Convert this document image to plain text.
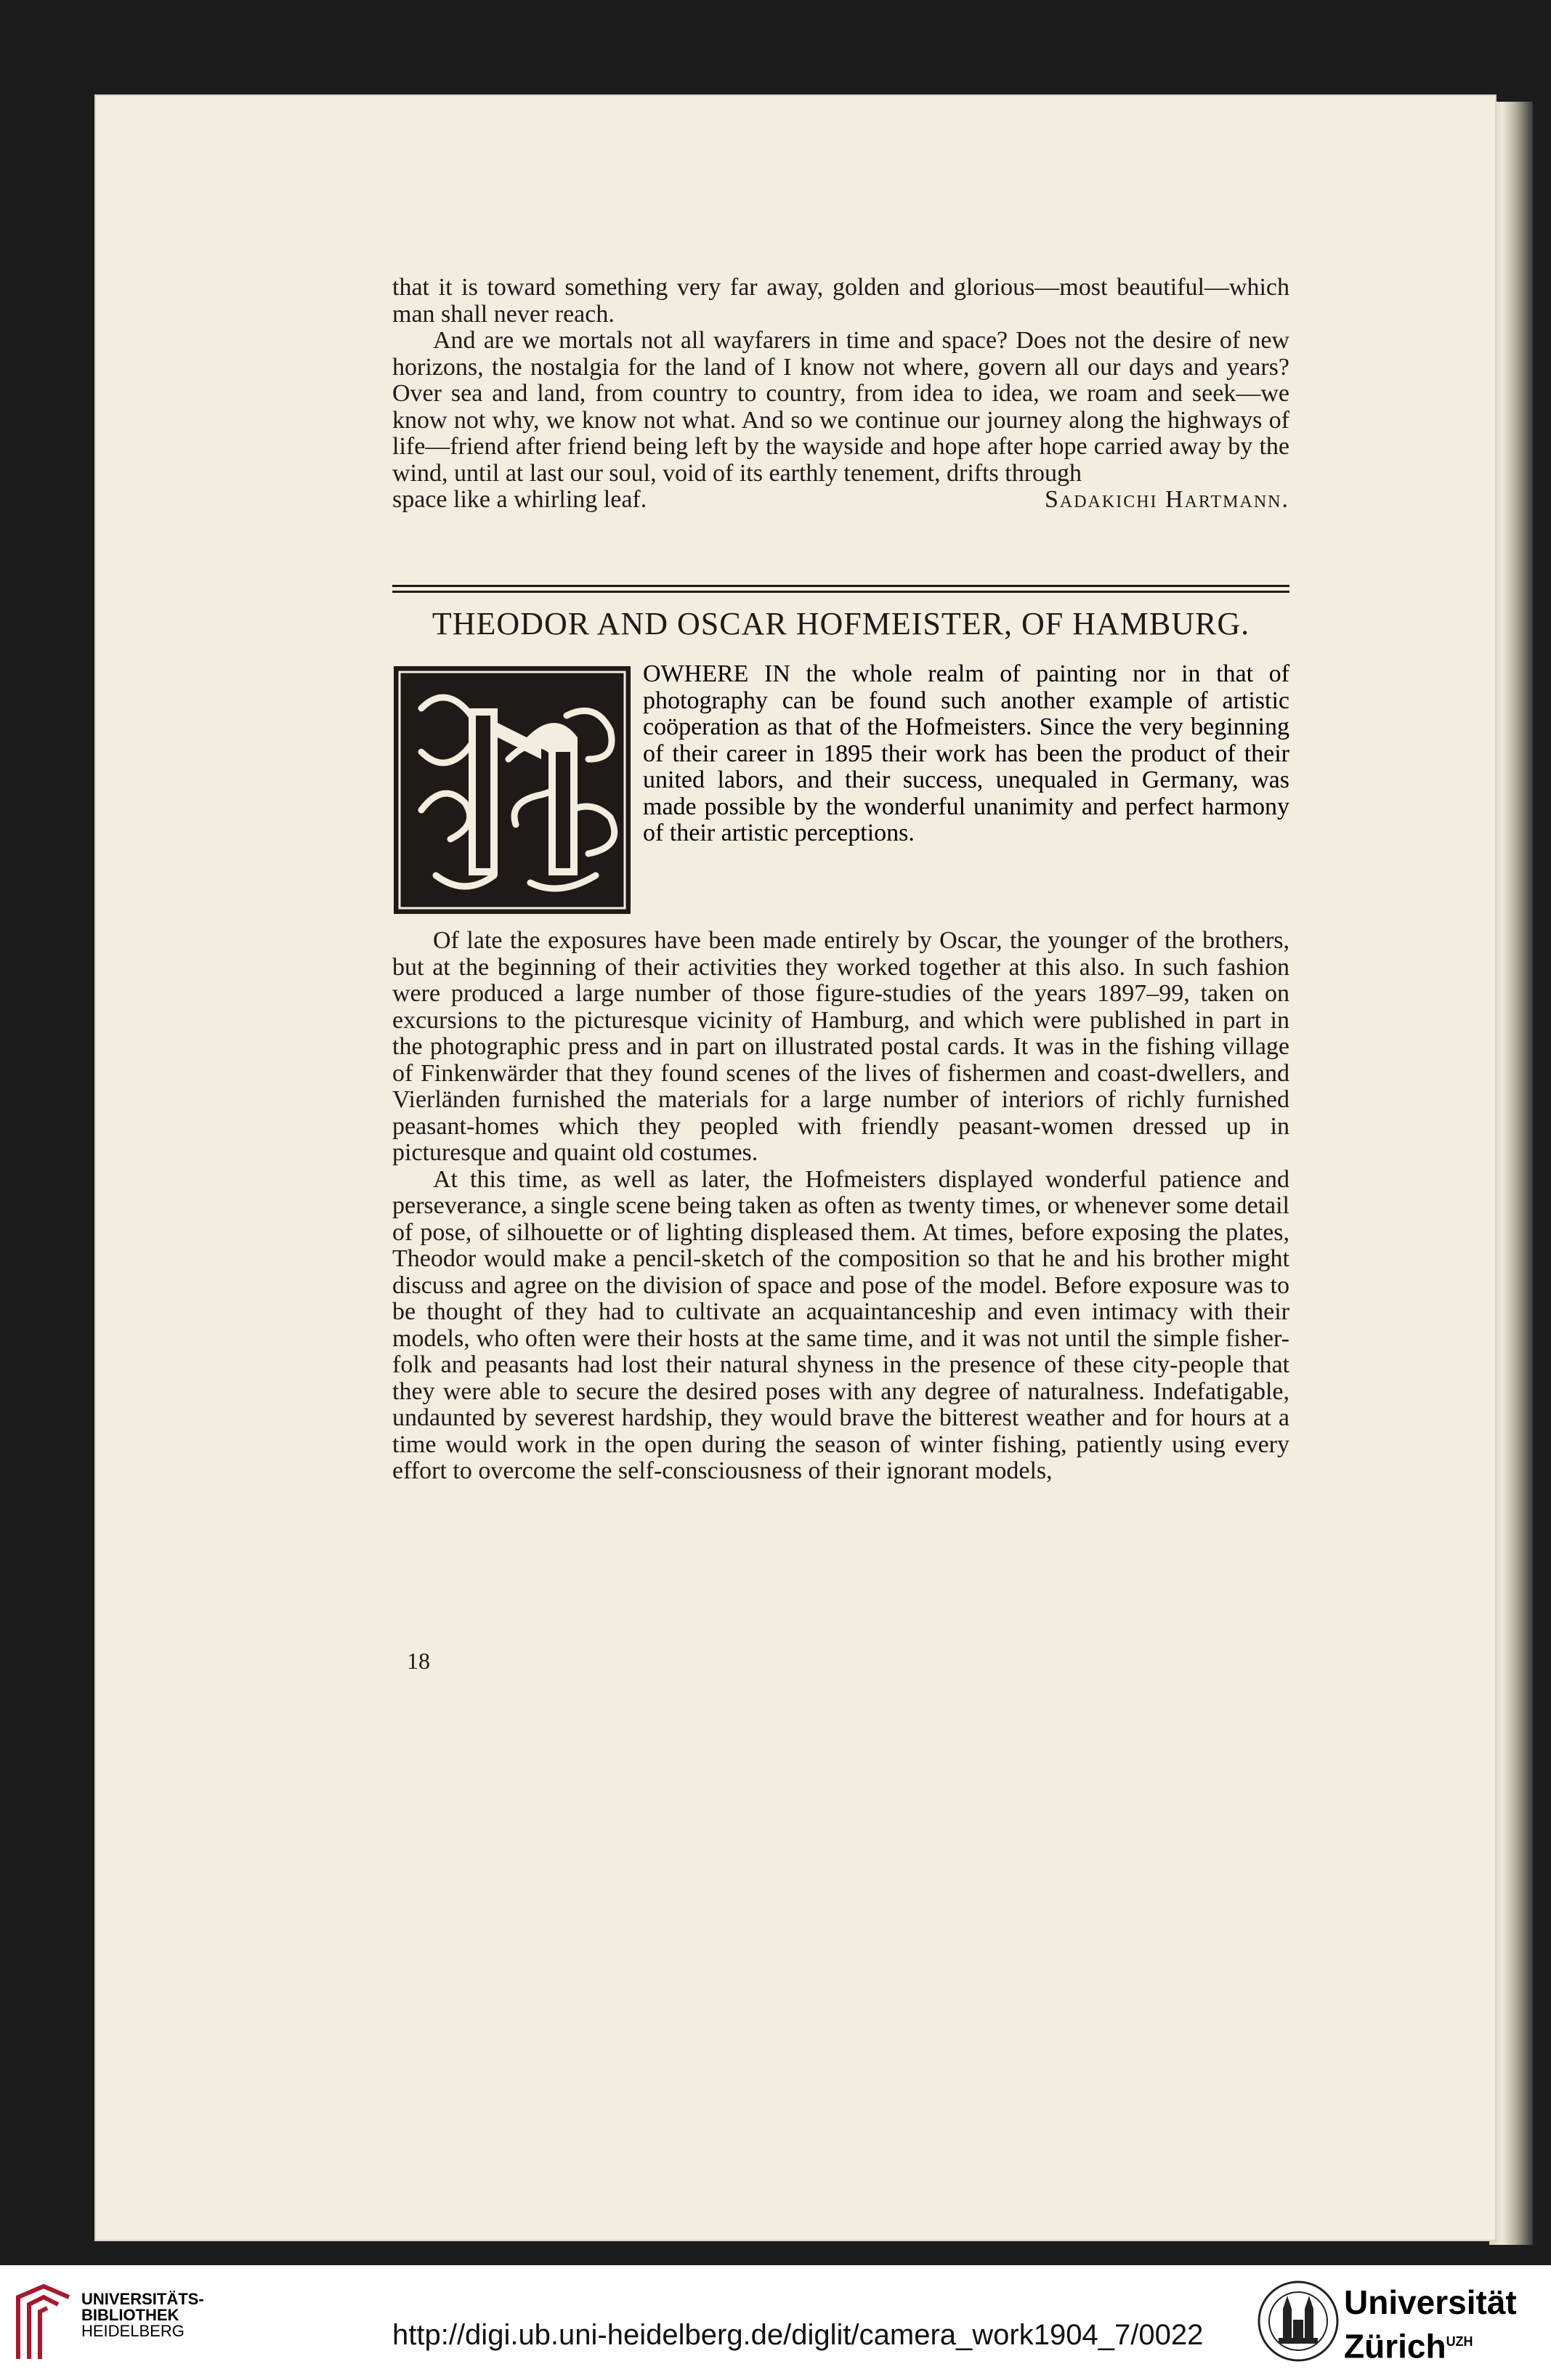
that it is toward something very far away, golden and glorious—most beautiful—which man shall never reach.

And are we mortals not all wayfarers in time and space? Does not the desire of new horizons, the nostalgia for the land of I know not where, govern all our days and years? Over sea and land, from country to country, from idea to idea, we roam and seek—we know not why, we know not what. And so we continue our journey along the highways of life—friend after friend being left by the wayside and hope after hope carried away by the wind, until at last our soul, void of its earthly tenement, drifts through

space like a whirling leaf.	Sadakichi Hartmann.
THEODOR AND OSCAR HOFMEISTER, OF HAMBURG.

OWHERE IN the whole realm of painting nor in that of photography can be found such another example of artistic coöperation as that of the Hofmeisters. Since the very beginning of their career in 1895 their work has been the product of their united labors, and their success, unequaled in Germany, was made possible by the wonderful unanimity and perfect harmony of their artistic perceptions.

Of late the exposures have been made entirely by Oscar, the younger of the brothers, but at the beginning of their activities they worked together at this also. In such fashion were produced a large number of those figure-studies of the years 1897–99, taken on excursions to the picturesque vicinity of Hamburg, and which were published in part in the photographic press and in part on illustrated postal cards. It was in the fishing village of Finkenwärder that they found scenes of the lives of fishermen and coast-dwellers, and Vierländen furnished the materials for a large number of interiors of richly furnished peasant-homes which they peopled with friendly peasant-women dressed up in picturesque and quaint old costumes.

At this time, as well as later, the Hofmeisters displayed wonderful patience and perseverance, a single scene being taken as often as twenty times, or whenever some detail of pose, of silhouette or of lighting displeased them. At times, before exposing the plates, Theodor would make a pencil-sketch of the composition so that he and his brother might discuss and agree on the division of space and pose of the model. Before exposure was to be thought of they had to cultivate an acquaintanceship and even intimacy with their models, who often were their hosts at the same time, and it was not until the simple fisher-folk and peasants had lost their natural shyness in the presence of these city-people that they were able to secure the desired poses with any degree of naturalness. Indefatigable, undaunted by severest hardship, they would brave the bitterest weather and for hours at a time would work in the open during the season of winter fishing, patiently using every effort to overcome the self-consciousness of their ignorant models,

18
UNIVERSITÄTS-
BIBLIOTHEK
HEIDELBERG	http://digi.ub.uni-heidelberg.de/diglit/camera_work1904_7/0022
Universität
Zürich$^{UZH}$
